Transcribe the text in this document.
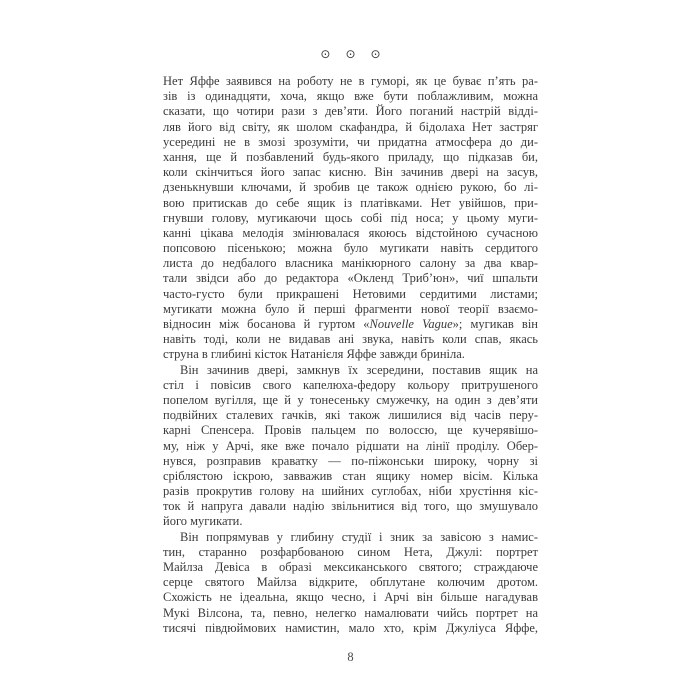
⊙ ⊙ ⊙
Нет Яффе заявився на роботу не в гуморі, як це буває п’ять ра-
зів із одинадцяти, хоча, якщо вже бути поблажливим, можна
сказати, що чотири рази з дев’яти. Його поганий настрій відді-
ляв його від світу, як шолом скафандра, й бідолаха Нет застряг
усередині не в змозі зрозуміти, чи придатна атмосфера до ди-
хання, ще й позбавлений будь-якого приладу, що підказав би,
коли скінчиться його запас кисню. Він зачинив двері на засув,
дзенькнувши ключами, й зробив це також однією рукою, бо лі-
вою притискав до себе ящик із платівками. Нет увійшов, при-
гнувши голову, мугикаючи щось собі під носа; у цьому муги-
канні цікава мелодія змінювалася якоюсь відстойною сучасною
попсовою пісенькою; можна було мугикати навіть сердитого
листа до недбалого власника манікюрного салону за два квар-
тали звідси або до редактора «Окленд Триб’юн», чиї шпальти
часто-густо були прикрашені Нетовими сердитими листами;
мугикати можна було й перші фрагменти нової теорії взаємо-
відносин між босанова й гуртом «Nouvelle Vague»; мугикав він
навіть тоді, коли не видавав ані звука, навіть коли спав, якась
струна в глибині кісток Натанієля Яффе завжди бриніла.
Він зачинив двері, замкнув їх зсередини, поставив ящик на
стіл і повісив свого капелюха-федору кольору притрушеного
попелом вугілля, ще й у тонесеньку смужечку, на один з дев’яти
подвійних сталевих гачків, які також лишилися від часів перу-
карні Спенсера. Провів пальцем по волоссю, ще кучерявішо-
му, ніж у Арчі, яке вже почало рідшати на лінії проділу. Обер-
нувся, розправив краватку — по-піжонськи широку, чорну зі
сріблястою іскрою, завважив стан ящику номер вісім. Кілька
разів прокрутив голову на шийних суглобах, ніби хрустіння кіс-
ток й напруга давали надію звільнитися від того, що змушувало
його мугикати.
Він попрямував у глибину студії і зник за завісою з намис-
тин, старанно розфарбованою сином Нета, Джулі: портрет
Майлза Девіса в образі мексиканського святого; страждаюче
серце святого Майлза відкрите, обплутане колючим дротом.
Схожість не ідеальна, якщо чесно, і Арчі він більше нагадував
Мукі Вілсона, та, певно, нелегко намалювати чийсь портрет на
тисячі півдюймових намистин, мало хто, крім Джуліуса Яффе,
8
